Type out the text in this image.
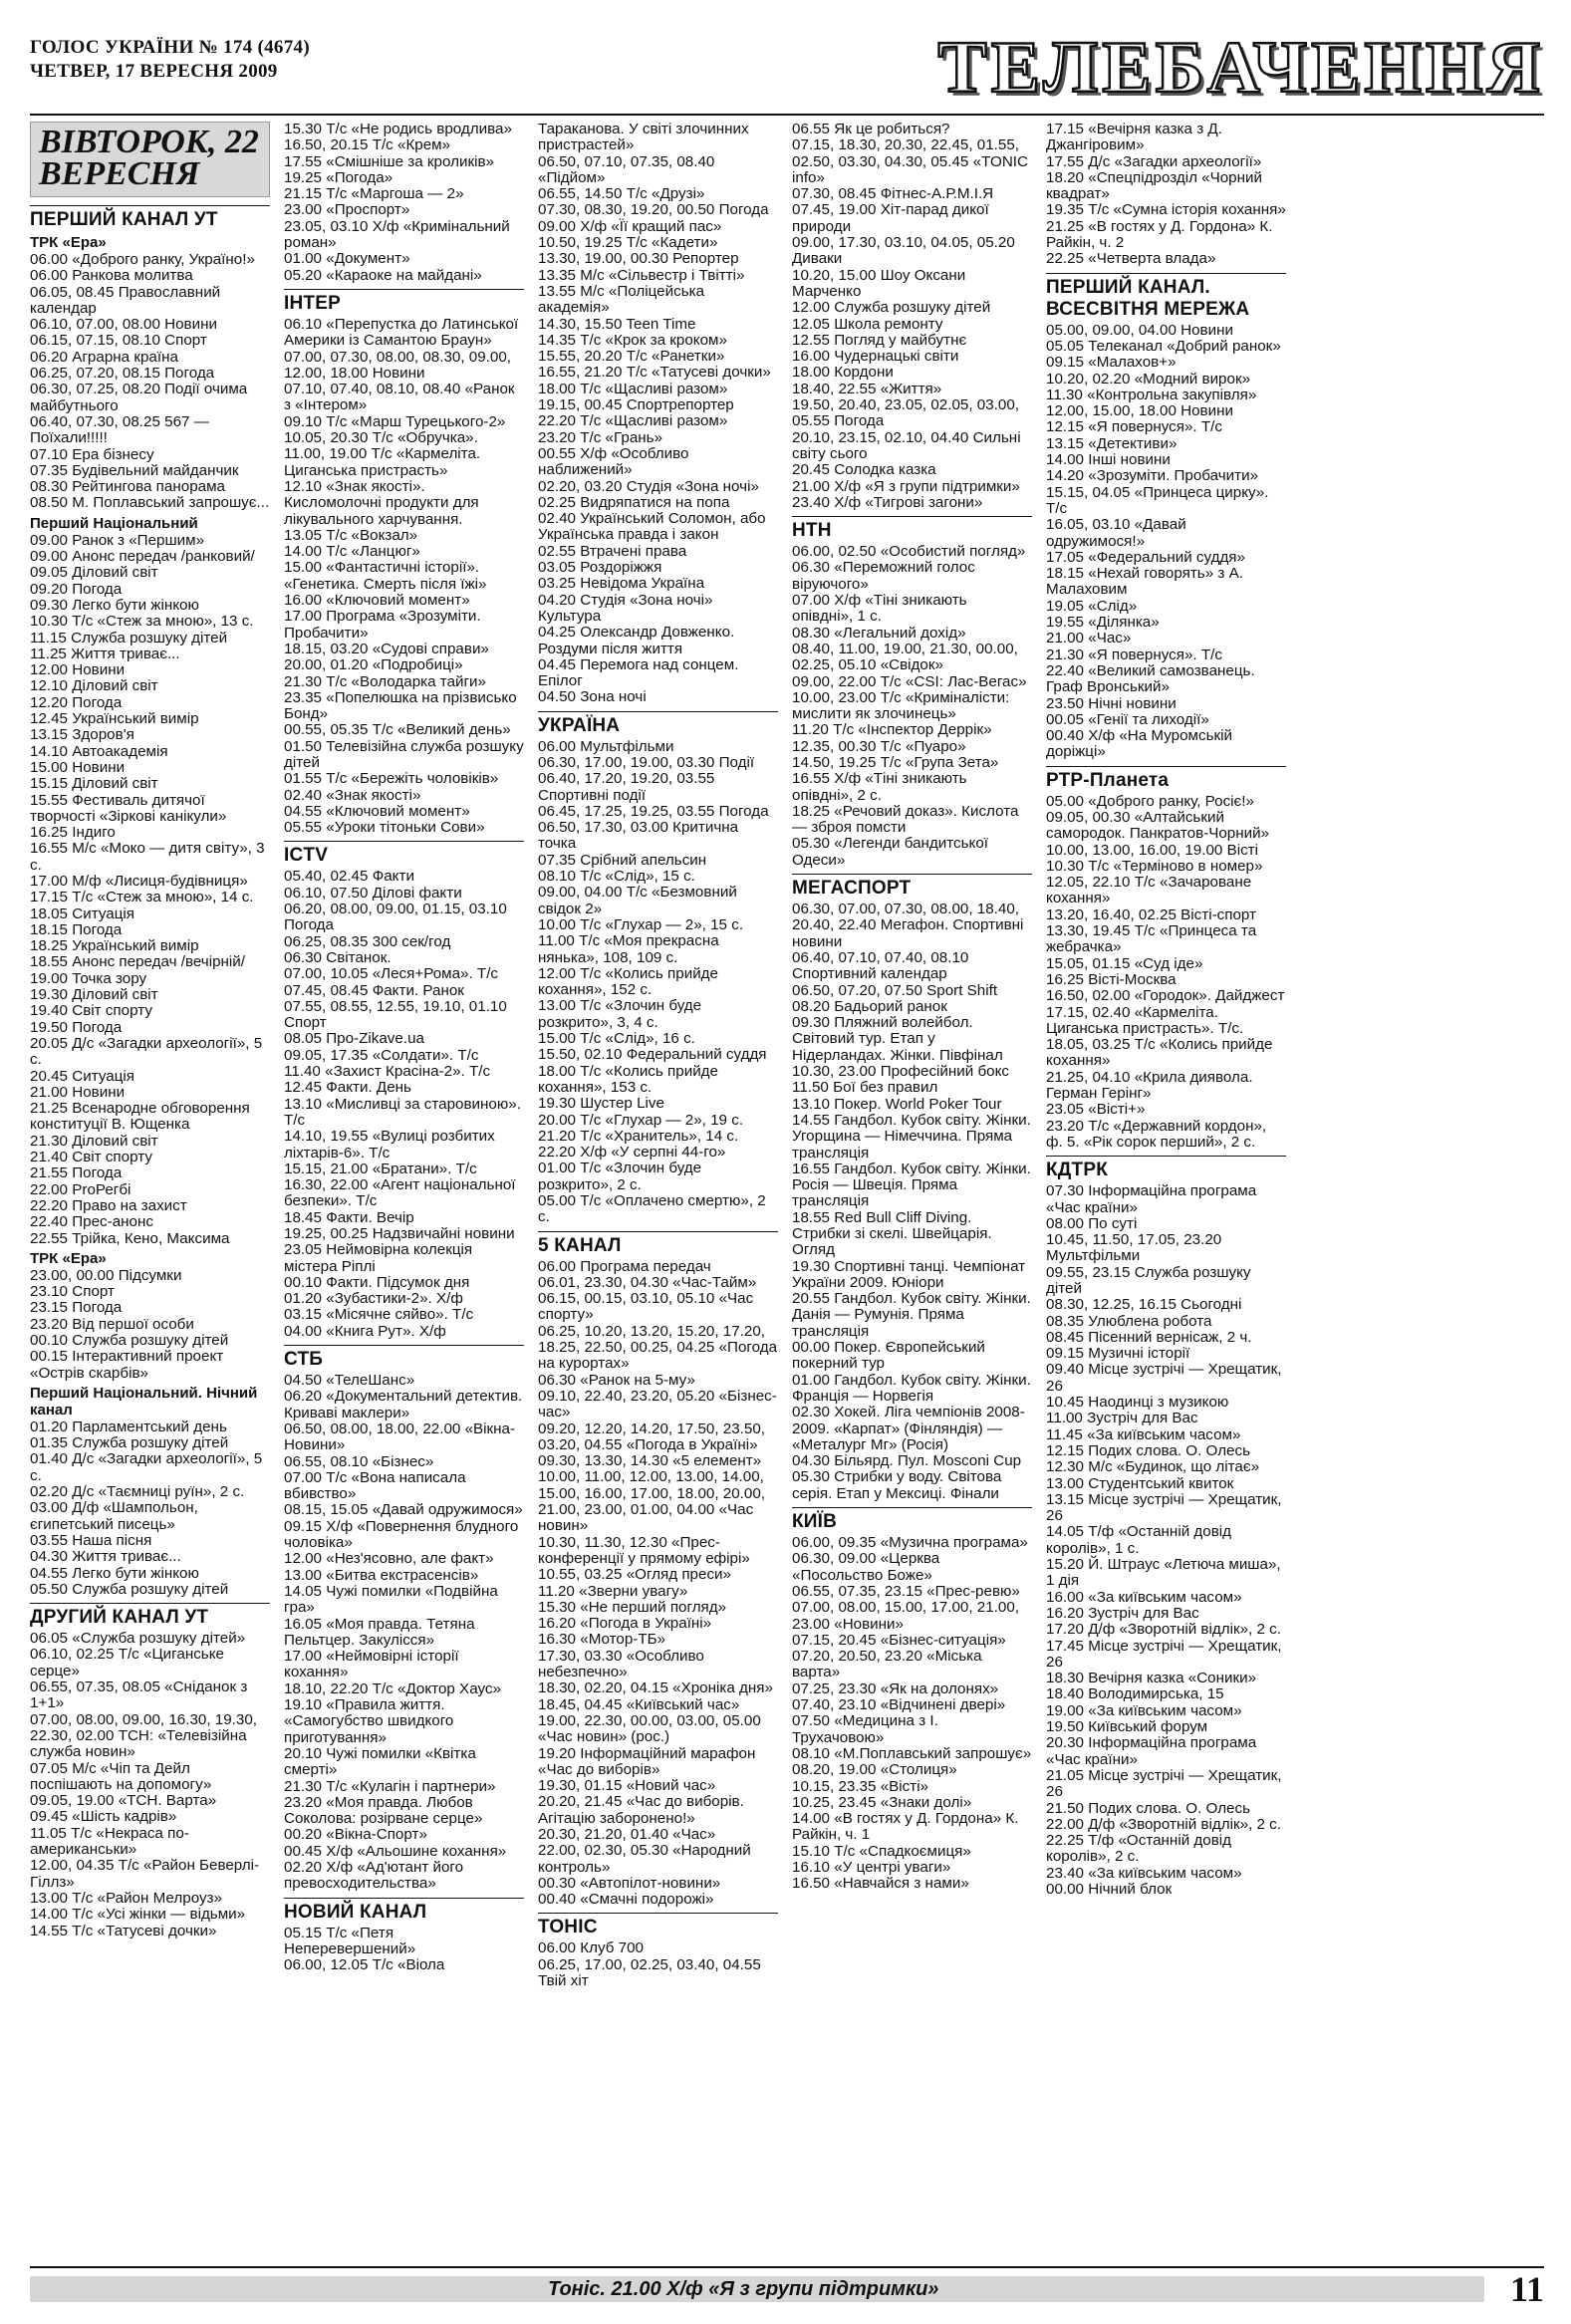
ГОЛОС УКРАЇНИ № 174 (4674)
ЧЕТВЕР, 17 ВЕРЕСНЯ 2009	ТЕЛЕБАЧЕННЯ
ВІВТОРОК, 22 ВЕРЕСНЯ
ПЕРШИЙ КАНАЛ УТ
ТРК «Ера»
06.00 «Доброго ранку, Україно!»
06.00 Ранкова молитва
06.05, 08.45 Православний календар
06.10, 07.00, 08.00 Новини
06.15, 07.15, 08.10 Спорт
06.20 Аграрна країна
06.25, 07.20, 08.15 Погода
06.30, 07.25, 08.20 Події очима майбутнього
06.40, 07.30, 08.25 567 — Поїхали!!!!!
07.10 Ера бізнесу
07.35 Будівельний майданчик
08.30 Рейтингова панорама
08.50 М. Поплавський запрошує...
Перший Національний
09.00 Ранок з «Першим»
09.00 Анонс передач /ранковий/
09.05 Діловий світ
09.20 Погода
09.30 Легко бути жінкою
10.30 Т/с «Стеж за мною», 13 с.
11.15 Служба розшуку дітей
11.25 Життя триває...
12.00 Новини
12.10 Діловий світ
12.20 Погода
12.45 Український вимір
13.15 Здоров'я
14.10 Автоакадемія
15.00 Новини
15.15 Діловий світ
15.55 Фестиваль дитячої творчості «Зіркові канікули»
16.25 Індиго
16.55 М/с «Моко — дитя світу», 3 с.
17.00 М/ф «Лисиця-будівниця»
17.15 Т/с «Стеж за мною», 14 с.
18.05 Ситуація
18.15 Погода
18.25 Український вимір
18.55 Анонс передач /вечірній/
19.00 Точка зору
19.30 Діловий світ
19.40 Світ спорту
19.50 Погода
20.05 Д/с «Загадки археології», 5 с.
20.45 Ситуація
21.00 Новини
21.25 Всенародне обговорення конституції В. Ющенка
21.30 Діловий світ
21.40 Світ спорту
21.55 Погода
22.00 ProРегбі
22.20 Право на захист
22.40 Прес-анонс
22.55 Трійка, Кено, Максима
ТРК «Ера»
23.00, 00.00 Підсумки
23.10 Спорт
23.15 Погода
23.20 Від першої особи
00.10 Служба розшуку дітей
00.15 Інтерактивний проект «Острів скарбів»
Перший Національний. Нічний канал
01.20 Парламентський день
01.35 Служба розшуку дітей
01.40 Д/с «Загадки археології», 5 с.
02.20 Д/с «Таємниці руїн», 2 с.
03.00 Д/ф «Шампольон, єгипетський писець»
03.55 Наша пісня
04.30 Життя триває...
04.55 Легко бути жінкою
05.50 Служба розшуку дітей
ДРУГИЙ КАНАЛ УТ
06.05 «Служба розшуку дітей»
06.10, 02.25 Т/с «Циганське серце»
06.55, 07.35, 08.05 «Сніданок з 1+1»
07.00, 08.00, 09.00, 16.30, 19.30, 22.30, 02.00 ТСН: «Телевізійна служба новин»
07.05 М/с «Чіп та Дейл поспішають на допомогу»
09.05, 19.00 «ТСН. Варта»
09.45 «Шість кадрів»
11.05 Т/с «Некраса по-американськи»
12.00, 04.35 Т/с «Район Беверлі-Гіллз»
13.00 Т/с «Район Мелроуз»
14.00 Т/с «Усі жінки — відьми»
14.55 Т/с «Татусеві дочки»
15.30 Т/с «Не родись вродлива»
16.50, 20.15 Т/с «Крем»
17.55 «Смішніше за кроликів»
19.25 «Погода»
21.15 Т/с «Маргоша — 2»
23.00 «Проспорт»
23.05, 03.10 Х/ф «Кримінальний роман»
01.00 «Документ»
05.20 «Караоке на майдані»
ІНТЕР
06.10 «Перепустка до Латинської Америки із Самантою Браун»
07.00, 07.30, 08.00, 08.30, 09.00, 12.00, 18.00 Новини
07.10, 07.40, 08.10, 08.40 «Ранок з «Інтером»
09.10 Т/с «Марш Турецького-2»
10.05, 20.30 Т/с «Обручка».
11.00, 19.00 Т/с «Кармеліта. Циганська пристрасть»
12.10 «Знак якості». Кисломолочні продукти для лікувального харчування.
13.05 Т/с «Вокзал»
14.00 Т/с «Ланцюг»
15.00 «Фантастичні історії». «Генетика. Смерть після їжі»
16.00 «Ключовий момент»
17.00 Програма «Зрозуміти. Пробачити»
18.15, 03.20 «Судові справи»
20.00, 01.20 «Подробиці»
21.30 Т/с «Володарка тайги»
23.35 «Попелюшка на прізвисько Бонд»
00.55, 05.35 Т/с «Великий день»
01.50 Телевізійна служба розшуку дітей
01.55 Т/с «Бережіть чоловіків»
02.40 «Знак якості»
04.55 «Ключовий момент»
05.55 «Уроки тітоньки Сови»
ICTV
05.40, 02.45 Факти
06.10, 07.50 Ділові факти
06.20, 08.00, 09.00, 01.15, 03.10 Погода
06.25, 08.35 300 сек/год
06.30 Світанок.
07.00, 10.05 «Леся+Рома». Т/с
07.45, 08.45 Факти. Ранок
07.55, 08.55, 12.55, 19.10, 01.10 Спорт
08.05 Про-Zikave.ua
09.05, 17.35 «Солдати». Т/с
11.40 «Захист Красіна-2». Т/с
12.45 Факти. День
13.10 «Мисливці за старовиною». Т/с
14.10, 19.55 «Вулиці розбитих ліхтарів-6». Т/с
15.15, 21.00 «Братани». Т/с
16.30, 22.00 «Агент національної безпеки». Т/с
18.45 Факти. Вечір
19.25, 00.25 Надзвичайні новини
23.05 Неймовірна колекція містера Ріплі
00.10 Факти. Підсумок дня
01.20 «Зубастики-2». Х/ф
03.15 «Місячне сяйво». Т/с
04.00 «Книга Рут». Х/ф
СТБ
04.50 «ТелеШанс»
06.20 «Документальний детектив. Криваві маклери»
06.50, 08.00, 18.00, 22.00 «Вікна-Новини»
06.55, 08.10 «Бізнес»
07.00 Т/с «Вона написала вбивство»
08.15, 15.05 «Давай одружимося»
09.15 Х/ф «Повернення блудного чоловіка»
12.00 «Нез'ясовно, але факт»
13.00 «Битва екстрасенсів»
14.05 Чужі помилки «Подвійна гра»
16.05 «Моя правда. Тетяна Пельтцер. Закулісся»
17.00 «Неймовірні історії кохання»
18.10, 22.20 Т/с «Доктор Хаус»
19.10 «Правила життя. «Самогубство швидкого приготування»
20.10 Чужі помилки «Квітка смерті»
21.30 Т/с «Кулагін і партнери»
23.20 «Моя правда. Любов Соколова: розірване серце»
00.20 «Вікна-Спорт»
00.45 Х/ф «Альошине кохання»
02.20 Х/ф «Ад'ютант його превосходительства»
НОВИЙ КАНАЛ
05.15 Т/с «Петя Неперевершений»
06.00, 12.05 Т/с «Віола
Тараканова. У світі злочинних пристрастей»
06.50, 07.10, 07.35, 08.40 «Підйом»
06.55, 14.50 Т/с «Друзі»
07.30, 08.30, 19.20, 00.50 Погода
09.00 Х/ф «Її кращий пас»
10.50, 19.25 Т/с «Кадети»
13.30, 19.00, 00.30 Репортер
13.35 М/с «Сільвестр і Твітті»
13.55 М/с «Поліцейська академія»
14.30, 15.50 Teen Time
14.35 Т/с «Крок за кроком»
15.55, 20.20 Т/с «Ранетки»
16.55, 21.20 Т/с «Татусеві дочки»
18.00 Т/с «Щасливі разом»
19.15, 00.45 Спортрепортер
22.20 Т/с «Щасливі разом»
23.20 Т/с «Грань»
00.55 Х/ф «Особливо наближений»
02.20, 03.20 Студія «Зона ночі»
02.25 Видряпатися на попа
02.40 Український Соломон, або Українська правда і закон
02.55 Втрачені права
03.05 Роздоріжжя
03.25 Невідома Україна
04.20 Студія «Зона ночі» Культура
04.25 Олександр Довженко. Роздуми після життя
04.45 Перемога над сонцем. Епілог
04.50 Зона ночі
УКРАЇНА
06.00 Мультфільми
06.30, 17.00, 19.00, 03.30 Події
06.40, 17.20, 19.20, 03.55 Спортивні події
06.45, 17.25, 19.25, 03.55 Погода
06.50, 17.30, 03.00 Критична точка
07.35 Срібний апельсин
08.10 Т/с «Слід», 15 с.
09.00, 04.00 Т/с «Безмовний свідок 2»
10.00 Т/с «Глухар — 2», 15 с.
11.00 Т/с «Моя прекрасна нянька», 108, 109 с.
12.00 Т/с «Колись прийде кохання», 152 с.
13.00 Т/с «Злочин буде розкрито», 3, 4 с.
15.00 Т/с «Слід», 16 с.
15.50, 02.10 Федеральний суддя
18.00 Т/с «Колись прийде кохання», 153 с.
19.30 Шустер Live
20.00 Т/с «Глухар — 2», 19 с.
21.20 Т/с «Хранитель», 14 с.
22.20 Х/ф «У серпні 44-го»
01.00 Т/с «Злочин буде розкрито», 2 с.
05.00 Т/с «Оплачено смертю», 2 с.
5 КАНАЛ
06.00 Програма передач
06.01, 23.30, 04.30 «Час-Тайм»
06.15, 00.15, 03.10, 05.10 «Час спорту»
06.25, 10.20, 13.20, 15.20, 17.20, 18.25, 22.50, 00.25, 04.25 «Погода на курортах»
06.30 «Ранок на 5-му»
09.10, 22.40, 23.20, 05.20 «Бізнес-час»
09.20, 12.20, 14.20, 17.50, 23.50, 03.20, 04.55 «Погода в Україні»
09.30, 13.30, 14.30 «5 елемент»
10.00, 11.00, 12.00, 13.00, 14.00, 15.00, 16.00, 17.00, 18.00, 20.00, 21.00, 23.00, 01.00, 04.00 «Час новин»
10.30, 11.30, 12.30 «Прес-конференції у прямому ефірі»
10.55, 03.25 «Огляд преси»
11.20 «Зверни увагу»
15.30 «Не перший погляд»
16.20 «Погода в Україні»
16.30 «Мотор-ТБ»
17.30, 03.30 «Особливо небезпечно»
18.30, 02.20, 04.15 «Хроніка дня»
18.45, 04.45 «Київський час»
19.00, 22.30, 00.00, 03.00, 05.00 «Час новин» (рос.)
19.20 Інформаційний марафон «Час до виборів»
19.30, 01.15 «Новий час»
20.20, 21.45 «Час до виборів. Агітацію заборонено!»
20.30, 21.20, 01.40 «Час»
22.00, 02.30, 05.30 «Народний контроль»
00.30 «Автопілот-новини»
00.40 «Смачні подорожі»
ТОНІС
06.00 Клуб 700
06.25, 17.00, 02.25, 03.40, 04.55 Твій хіт
06.55 Як це робиться?
07.15, 18.30, 20.30, 22.45, 01.55, 02.50, 03.30, 04.30, 05.45 «TONIC info»
07.30, 08.45 Фітнес-А.Р.М.І.Я
07.45, 19.00 Хіт-парад дикої природи
09.00, 17.30, 03.10, 04.05, 05.20 Диваки
10.20, 15.00 Шоу Оксани Марченко
12.00 Служба розшуку дітей
12.05 Школа ремонту
12.55 Погляд у майбутнє
16.00 Чудернацькі світи
18.00 Кордони
18.40, 22.55 «Життя»
19.50, 20.40, 23.05, 02.05, 03.00, 05.55 Погода
20.10, 23.15, 02.10, 04.40 Сильні світу сього
20.45 Солодка казка
21.00 Х/ф «Я з групи підтримки»
23.40 Х/ф «Тигрові загони»
НТН
06.00, 02.50 «Особистий погляд»
06.30 «Переможний голос віруючого»
07.00 Х/ф «Тіні зникають опівдні», 1 с.
08.30 «Легальний дохід»
08.40, 11.00, 19.00, 21.30, 00.00, 02.25, 05.10 «Свідок»
09.00, 22.00 Т/с «CSI: Лас-Вегас»
10.00, 23.00 Т/с «Криміналісти: мислити як злочинець»
11.20 Т/с «Інспектор Деррік»
12.35, 00.30 Т/с «Пуаро»
14.50, 19.25 Т/с «Група Зета»
16.55 Х/ф «Тіні зникають опівдні», 2 с.
18.25 «Речовий доказ». Кислота — зброя помсти
05.30 «Легенди бандитської Одеси»
МЕГАСПОРТ
06.30, 07.00, 07.30, 08.00, 18.40, 20.40, 22.40 Мегафон. Спортивні новини
06.40, 07.10, 07.40, 08.10 Спортивний календар
06.50, 07.20, 07.50 Sport Shift
08.20 Бадьорий ранок
09.30 Пляжний волейбол. Світовий тур. Етап у Нідерландах. Жінки. Півфінал
10.30, 23.00 Професійний бокс
11.50 Бої без правил
13.10 Покер. World Poker Tour
14.55 Гандбол. Кубок світу. Жінки. Угорщина — Німеччина. Пряма трансляція
16.55 Гандбол. Кубок світу. Жінки. Росія — Швеція. Пряма трансляція
18.55 Red Bull Cliff Diving. Стрибки зі скелі. Швейцарія. Огляд
19.30 Спортивні танці. Чемпіонат України 2009. Юніори
20.55 Гандбол. Кубок світу. Жінки. Данія — Румунія. Пряма трансляція
00.00 Покер. Європейський покерний тур
01.00 Гандбол. Кубок світу. Жінки. Франція — Норвегія
02.30 Хокей. Ліга чемпіонів 2008-2009. «Карпат» (Фінляндія) — «Металург Мг» (Росія)
04.30 Більярд. Пул. Mosconi Cup
05.30 Стрибки у воду. Світова серія. Етап у Мексиці. Фінали
КИЇВ
06.00, 09.35 «Музична програма»
06.30, 09.00 «Церква «Посольство Боже»
06.55, 07.35, 23.15 «Прес-ревю»
07.00, 08.00, 15.00, 17.00, 21.00, 23.00 «Новини»
07.15, 20.45 «Бізнес-ситуація»
07.20, 20.50, 23.20 «Міська варта»
07.25, 23.30 «Як на долонях»
07.40, 23.10 «Відчинені двері»
07.50 «Медицина з І. Трухачовою»
08.10 «М.Поплавський запрошує»
08.20, 19.00 «Столиця»
10.15, 23.35 «Вісті»
10.25, 23.45 «Знаки долі»
14.00 «В гостях у Д. Гордона» К. Райкін, ч. 1
15.10 Т/с «Спадкоємиця»
16.10 «У центрі уваги»
16.50 «Навчайся з нами»
17.15 «Вечірня казка з Д. Джангіровим»
17.55 Д/с «Загадки археології»
18.20 «Спецпідрозділ «Чорний квадрат»
19.35 Т/с «Сумна історія кохання»
21.25 «В гостях у Д. Гордона» К. Райкін, ч. 2
22.25 «Четверта влада»
ПЕРШИЙ КАНАЛ. ВСЕСВІТНЯ МЕРЕЖА
05.00, 09.00, 04.00 Новини
05.05 Телеканал «Добрий ранок»
09.15 «Малахов+»
10.20, 02.20 «Модний вирок»
11.30 «Контрольна закупівля»
12.00, 15.00, 18.00 Новини
12.15 «Я повернуся». Т/с
13.15 «Детективи»
14.00 Інші новини
14.20 «Зрозуміти. Пробачити»
15.15, 04.05 «Принцеса цирку». Т/с
16.05, 03.10 «Давай одружимося!»
17.05 «Федеральний суддя»
18.15 «Нехай говорять» з А. Малаховим
19.05 «Слід»
19.55 «Ділянка»
21.00 «Час»
21.30 «Я повернуся». Т/с
22.40 «Великий самозванець. Граф Вронський»
23.50 Нічні новини
00.05 «Генії та лиходії»
00.40 Х/ф «На Муромській доріжці»
РТР-Планета
05.00 «Доброго ранку, Росіє!»
09.05, 00.30 «Алтайський самородок. Панкратов-Чорний»
10.00, 13.00, 16.00, 19.00 Вісті
10.30 Т/с «Терміново в номер»
12.05, 22.10 Т/с «Зачароване кохання»
13.20, 16.40, 02.25 Вісті-спорт
13.30, 19.45 Т/с «Принцеса та жебрачка»
15.05, 01.15 «Суд іде»
16.25 Вісті-Москва
16.50, 02.00 «Городок». Дайджест
17.15, 02.40 «Кармеліта. Циганська пристрасть». Т/с.
18.05, 03.25 Т/с «Колись прийде кохання»
21.25, 04.10 «Крила диявола. Герман Герінг»
23.05 «Вісті+»
23.20 Т/с «Державний кордон», ф. 5. «Рік сорок перший», 2 с.
КДТРК
07.30 Інформаційна програма «Час країни»
08.00 По суті
10.45, 11.50, 17.05, 23.20 Мультфільми
09.55, 23.15 Служба розшуку дітей
08.30, 12.25, 16.15 Сьогодні
08.35 Улюблена робота
08.45 Пісенний вернісаж, 2 ч.
09.15 Музичні історії
09.40 Місце зустрічі — Хрещатик, 26
10.45 Наодинці з музикою
11.00 Зустріч для Вас
11.45 «За київським часом»
12.15 Подих слова. О. Олесь
12.30 М/с «Будинок, що літає»
13.00 Студентський квиток
13.15 Місце зустрічі — Хрещатик, 26
14.05 Т/ф «Останній довід королів», 1 с.
15.20 Й. Штраус «Летюча миша», 1 дія
16.00 «За київським часом»
16.20 Зустріч для Вас
17.20 Д/ф «Зворотній відлік», 2 с.
17.45 Місце зустрічі — Хрещатик, 26
18.30 Вечірня казка «Соники»
18.40 Володимирська, 15
19.00 «За київським часом»
19.50 Київський форум
20.30 Інформаційна програма «Час країни»
21.05 Місце зустрічі — Хрещатик, 26
21.50 Подих слова. О. Олесь
22.00 Д/ф «Зворотній відлік», 2 с.
22.25 Т/ф «Останній довід королів», 2 с.
23.40 «За київським часом»
00.00 Нічний блок
Тоніс. 21.00 Х/ф «Я з групи підтримки»	11
